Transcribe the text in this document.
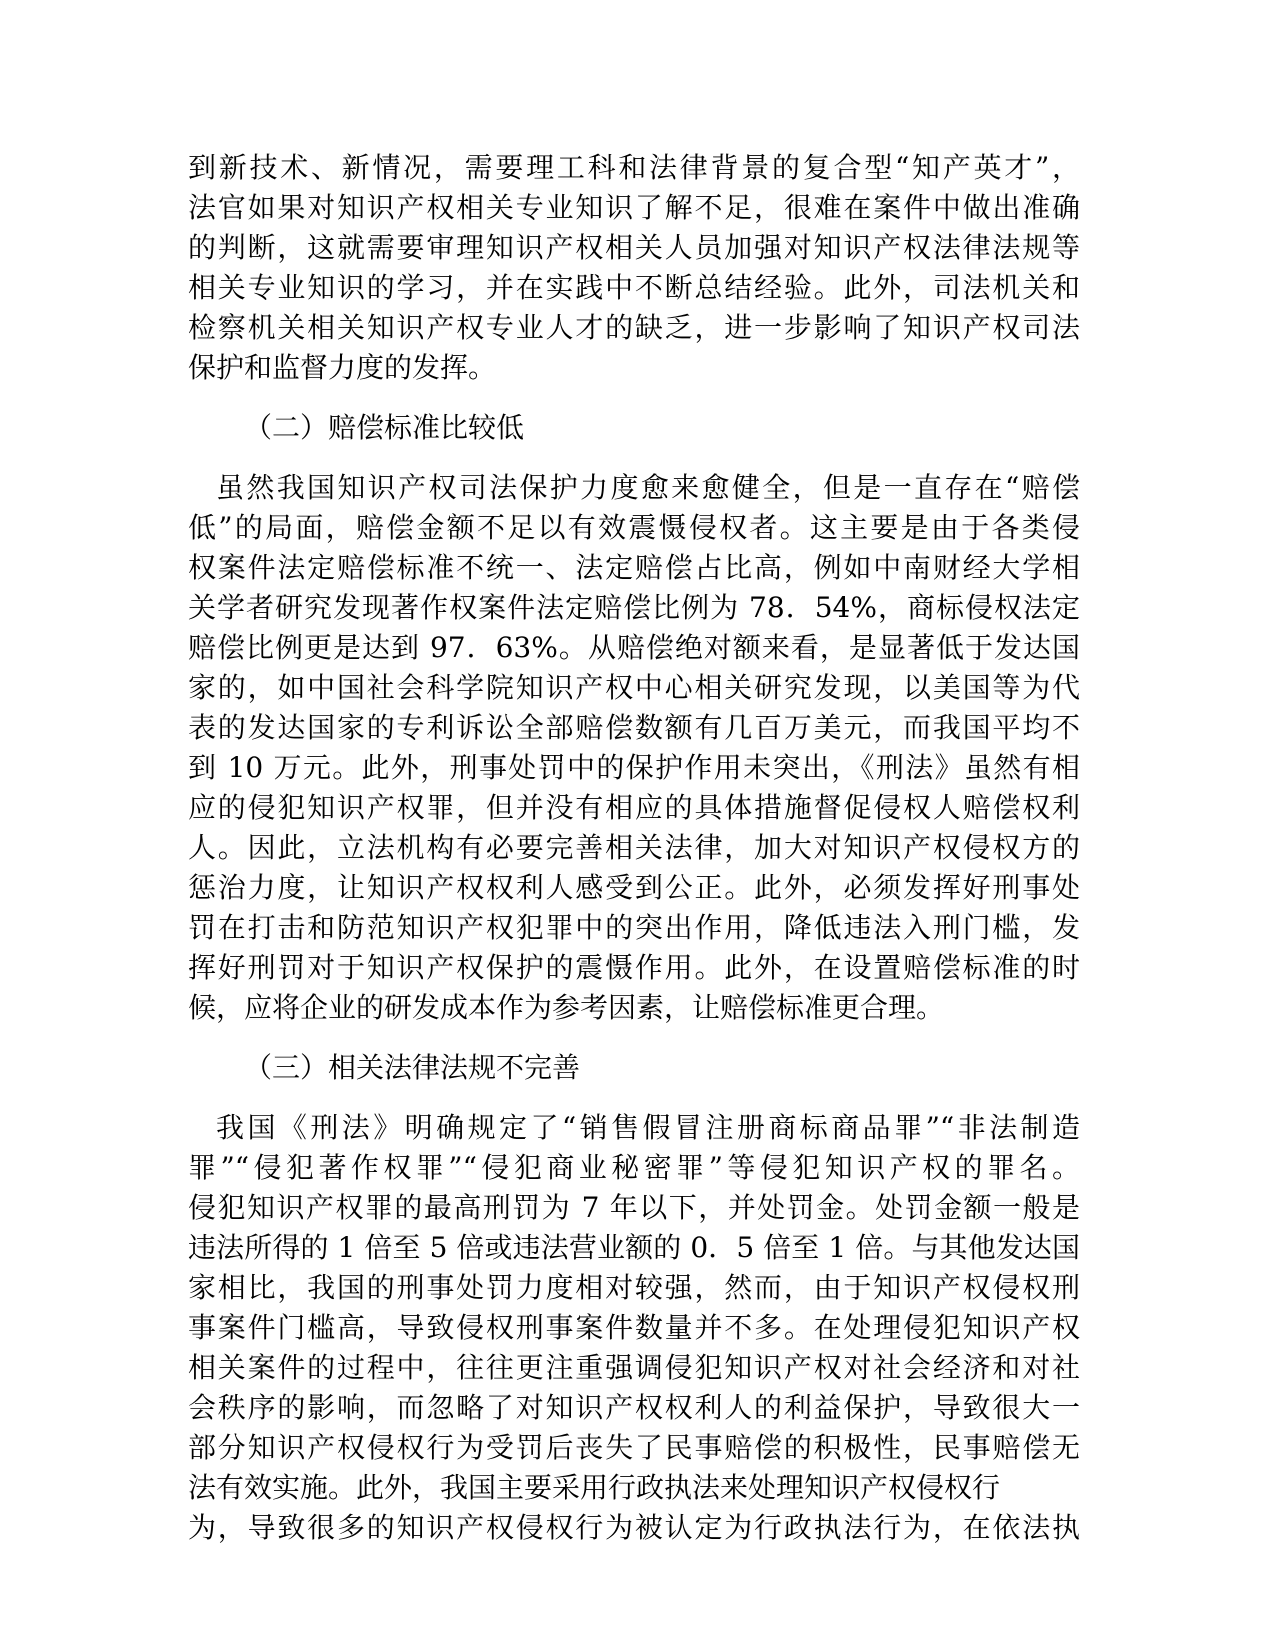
到新技术、新情况，需要理工科和法律背景的复合型“知产英才”，
法官如果对知识产权相关专业知识了解不足，很难在案件中做出准确
的判断，这就需要审理知识产权相关人员加强对知识产权法律法规等
相关专业知识的学习，并在实践中不断总结经验。此外，司法机关和
检察机关相关知识产权专业人才的缺乏，进一步影响了知识产权司法
保护和监督力度的发挥。
（二）赔偿标准比较低
虽然我国知识产权司法保护力度愈来愈健全，但是一直存在“赔偿
低”的局面，赔偿金额不足以有效震慑侵权者。这主要是由于各类侵
权案件法定赔偿标准不统一、法定赔偿占比高，例如中南财经大学相
关学者研究发现著作权案件法定赔偿比例为 78．54%，商标侵权法定
赔偿比例更是达到 97．63%。从赔偿绝对额来看，是显著低于发达国
家的，如中国社会科学院知识产权中心相关研究发现，以美国等为代
表的发达国家的专利诉讼全部赔偿数额有几百万美元，而我国平均不
到 10 万元。此外，刑事处罚中的保护作用未突出，《刑法》虽然有相
应的侵犯知识产权罪，但并没有相应的具体措施督促侵权人赔偿权利
人。因此，立法机构有必要完善相关法律，加大对知识产权侵权方的
惩治力度，让知识产权权利人感受到公正。此外，必须发挥好刑事处
罚在打击和防范知识产权犯罪中的突出作用，降低违法入刑门槛，发
挥好刑罚对于知识产权保护的震慑作用。此外，在设置赔偿标准的时
候，应将企业的研发成本作为参考因素，让赔偿标准更合理。
（三）相关法律法规不完善
我国《刑法》明确规定了“销售假冒注册商标商品罪”“非法制造
罪”“侵犯著作权罪”“侵犯商业秘密罪”等侵犯知识产权的罪名。
侵犯知识产权罪的最高刑罚为 7 年以下，并处罚金。处罚金额一般是
违法所得的 1 倍至 5 倍或违法营业额的 0．5 倍至 1 倍。与其他发达国
家相比，我国的刑事处罚力度相对较强，然而，由于知识产权侵权刑
事案件门槛高，导致侵权刑事案件数量并不多。在处理侵犯知识产权
相关案件的过程中，往往更注重强调侵犯知识产权对社会经济和对社
会秩序的影响，而忽略了对知识产权权利人的利益保护，导致很大一
部分知识产权侵权行为受罚后丧失了民事赔偿的积极性，民事赔偿无
法有效实施。此外，我国主要采用行政执法来处理知识产权侵权行
为，导致很多的知识产权侵权行为被认定为行政执法行为，在依法执
